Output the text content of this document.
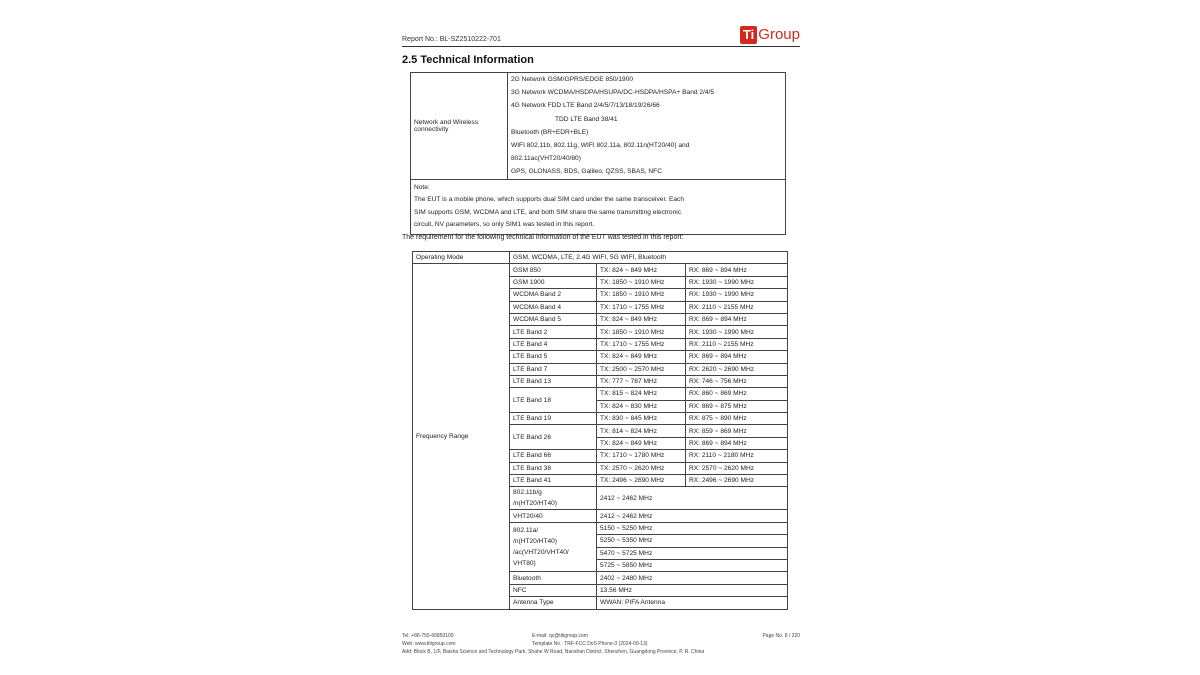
Report No.: BL-SZ2510222-701	Ti Group
2.5 Technical Information
Network and Wireless
connectivity

2G Network GSM/GPRS/EDGE 850/1900
3G Network WCDMA/HSDPA/HSUPA/DC-HSDPA/HSPA+ Band 2/4/5
4G Network FDD LTE Band 2/4/5/7/13/18/19/26/66
TDD LTE Band 38/41
Bluetooth (BR+EDR+BLE)
WIFI 802.11b, 802.11g, WIFI 802.11a, 802.11n(HT20/40) and
802.11ac(VHT20/40/80)
GPS, GLONASS, BDS, Galileo, QZSS, SBAS, NFC

Note:
The EUT is a mobile phone, which supports dual SIM card under the same transceiver. Each
SIM supports GSM, WCDMA and LTE, and both SIM share the same transmitting electronic
circuit, NV parameters, so only SIM1 was tested in this report.
The requirement for the following technical information of the EUT was tested in this report:
Operating Mode	GSM, WCDMA, LTE, 2.4G WIFI, 5G WIFI, Bluetooth		
Frequency Range	GSM 850	TX: 824 ~ 849 MHz	RX: 869 ~ 894 MHz
	GSM 1900	TX: 1850 ~ 1910 MHz	RX: 1930 ~ 1990 MHz
	WCDMA Band 2	TX: 1850 ~ 1910 MHz	RX: 1930 ~ 1990 MHz
	WCDMA Band 4	TX: 1710 ~ 1755 MHz	RX: 2110 ~ 2155 MHz
	WCDMA Band 5	TX: 824 ~ 849 MHz	RX: 869 ~ 894 MHz
	LTE Band 2	TX: 1850 ~ 1910 MHz	RX: 1930 ~ 1990 MHz
	LTE Band 4	TX: 1710 ~ 1755 MHz	RX: 2110 ~ 2155 MHz
	LTE Band 5	TX: 824 ~ 849 MHz	RX: 869 ~ 894 MHz
	LTE Band 7	TX: 2500 ~ 2570 MHz	RX: 2620 ~ 2690 MHz
	LTE Band 13	TX: 777 ~ 787 MHz	RX: 746 ~ 756 MHz
	LTE Band 18	TX: 815 ~ 824 MHz	RX: 860 ~ 869 MHz
		TX: 824 ~ 830 MHz	RX: 869 ~ 875 MHz
	LTE Band 19	TX: 830 ~ 845 MHz	RX: 875 ~ 890 MHz
	LTE Band 26	TX: 814 ~ 824 MHz	RX: 859 ~ 869 MHz
		TX: 824 ~ 849 MHz	RX: 869 ~ 894 MHz
	LTE Band 66	TX: 1710 ~ 1780 MHz	RX: 2110 ~ 2180 MHz
	LTE Band 38	TX: 2570 ~ 2620 MHz	RX: 2570 ~ 2620 MHz
	LTE Band 41	TX: 2496 ~ 2690 MHz	RX: 2496 ~ 2690 MHz

	802.11b/g
/n(HT20/HT40)	2412 ~ 2462 MHz	

	VHT20/40	2412 ~ 2462 MHz	

	802.11a/
/n(HT20/HT40)
/ac(VHT20/VHT40/
VHT80)	5150 ~ 5250 MHz	
		5250 ~ 5350 MHz	
		5470 ~ 5725 MHz	
		5725 ~ 5850 MHz	
	Bluetooth	2402 ~ 2480 MHz	
	NFC	13.56 MHz	
	Antenna Type	WWAN: PIFA Antenna	
Tel: +86-755-66850100	E-mail: qc@titigroup.com	Page No. 8 / 220
Web: www.titigroup.com	Template No.: TRF-FCC DoS Phone-3 (2024-09-13)
Add: Block B, 1/F, Baisha Science and Technology Park, Shahe W Road, Nanshan District, Shenzhen, Guangdong Province, P. R. China
